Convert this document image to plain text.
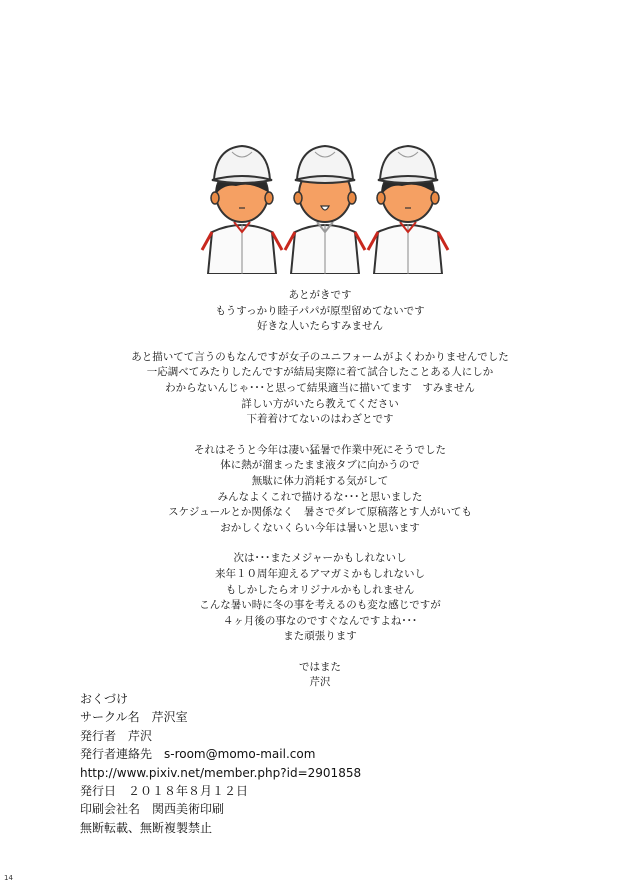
あとがきです
もうすっかり睦子パパが原型留めてないです
好きな人いたらすみません
あと描いてて言うのもなんですが女子のユニフォームがよくわかりませんでした
一応調べてみたりしたんですが結局実際に着て試合したことある人にしか
わからないんじゃ･･･と思って結果適当に描いてます　すみません
詳しい方がいたら教えてください
下着着けてないのはわざとです
それはそうと今年は凄い猛暑で作業中死にそうでした
体に熱が溜まったまま液タブに向かうので
無駄に体力消耗する気がして
みんなよくこれで描けるな･･･と思いました
スケジュールとか関係なく　暑さでダレて原稿落とす人がいても
おかしくないくらい今年は暑いと思います
次は･･･またメジャーかもしれないし
来年１０周年迎えるアマガミかもしれないし
もしかしたらオリジナルかもしれません
こんな暑い時に冬の事を考えるのも変な感じですが
４ヶ月後の事なのですぐなんですよね･･･
また頑張ります
ではまた
芹沢
おくづけ
サークル名　芹沢室
発行者　芹沢
発行者連絡先　s-room@momo-mail.com
http://www.pixiv.net/member.php?id=2901858
発行日　２０１８年８月１２日
印刷会社名　関西美術印刷
無断転載、無断複製禁止
14
